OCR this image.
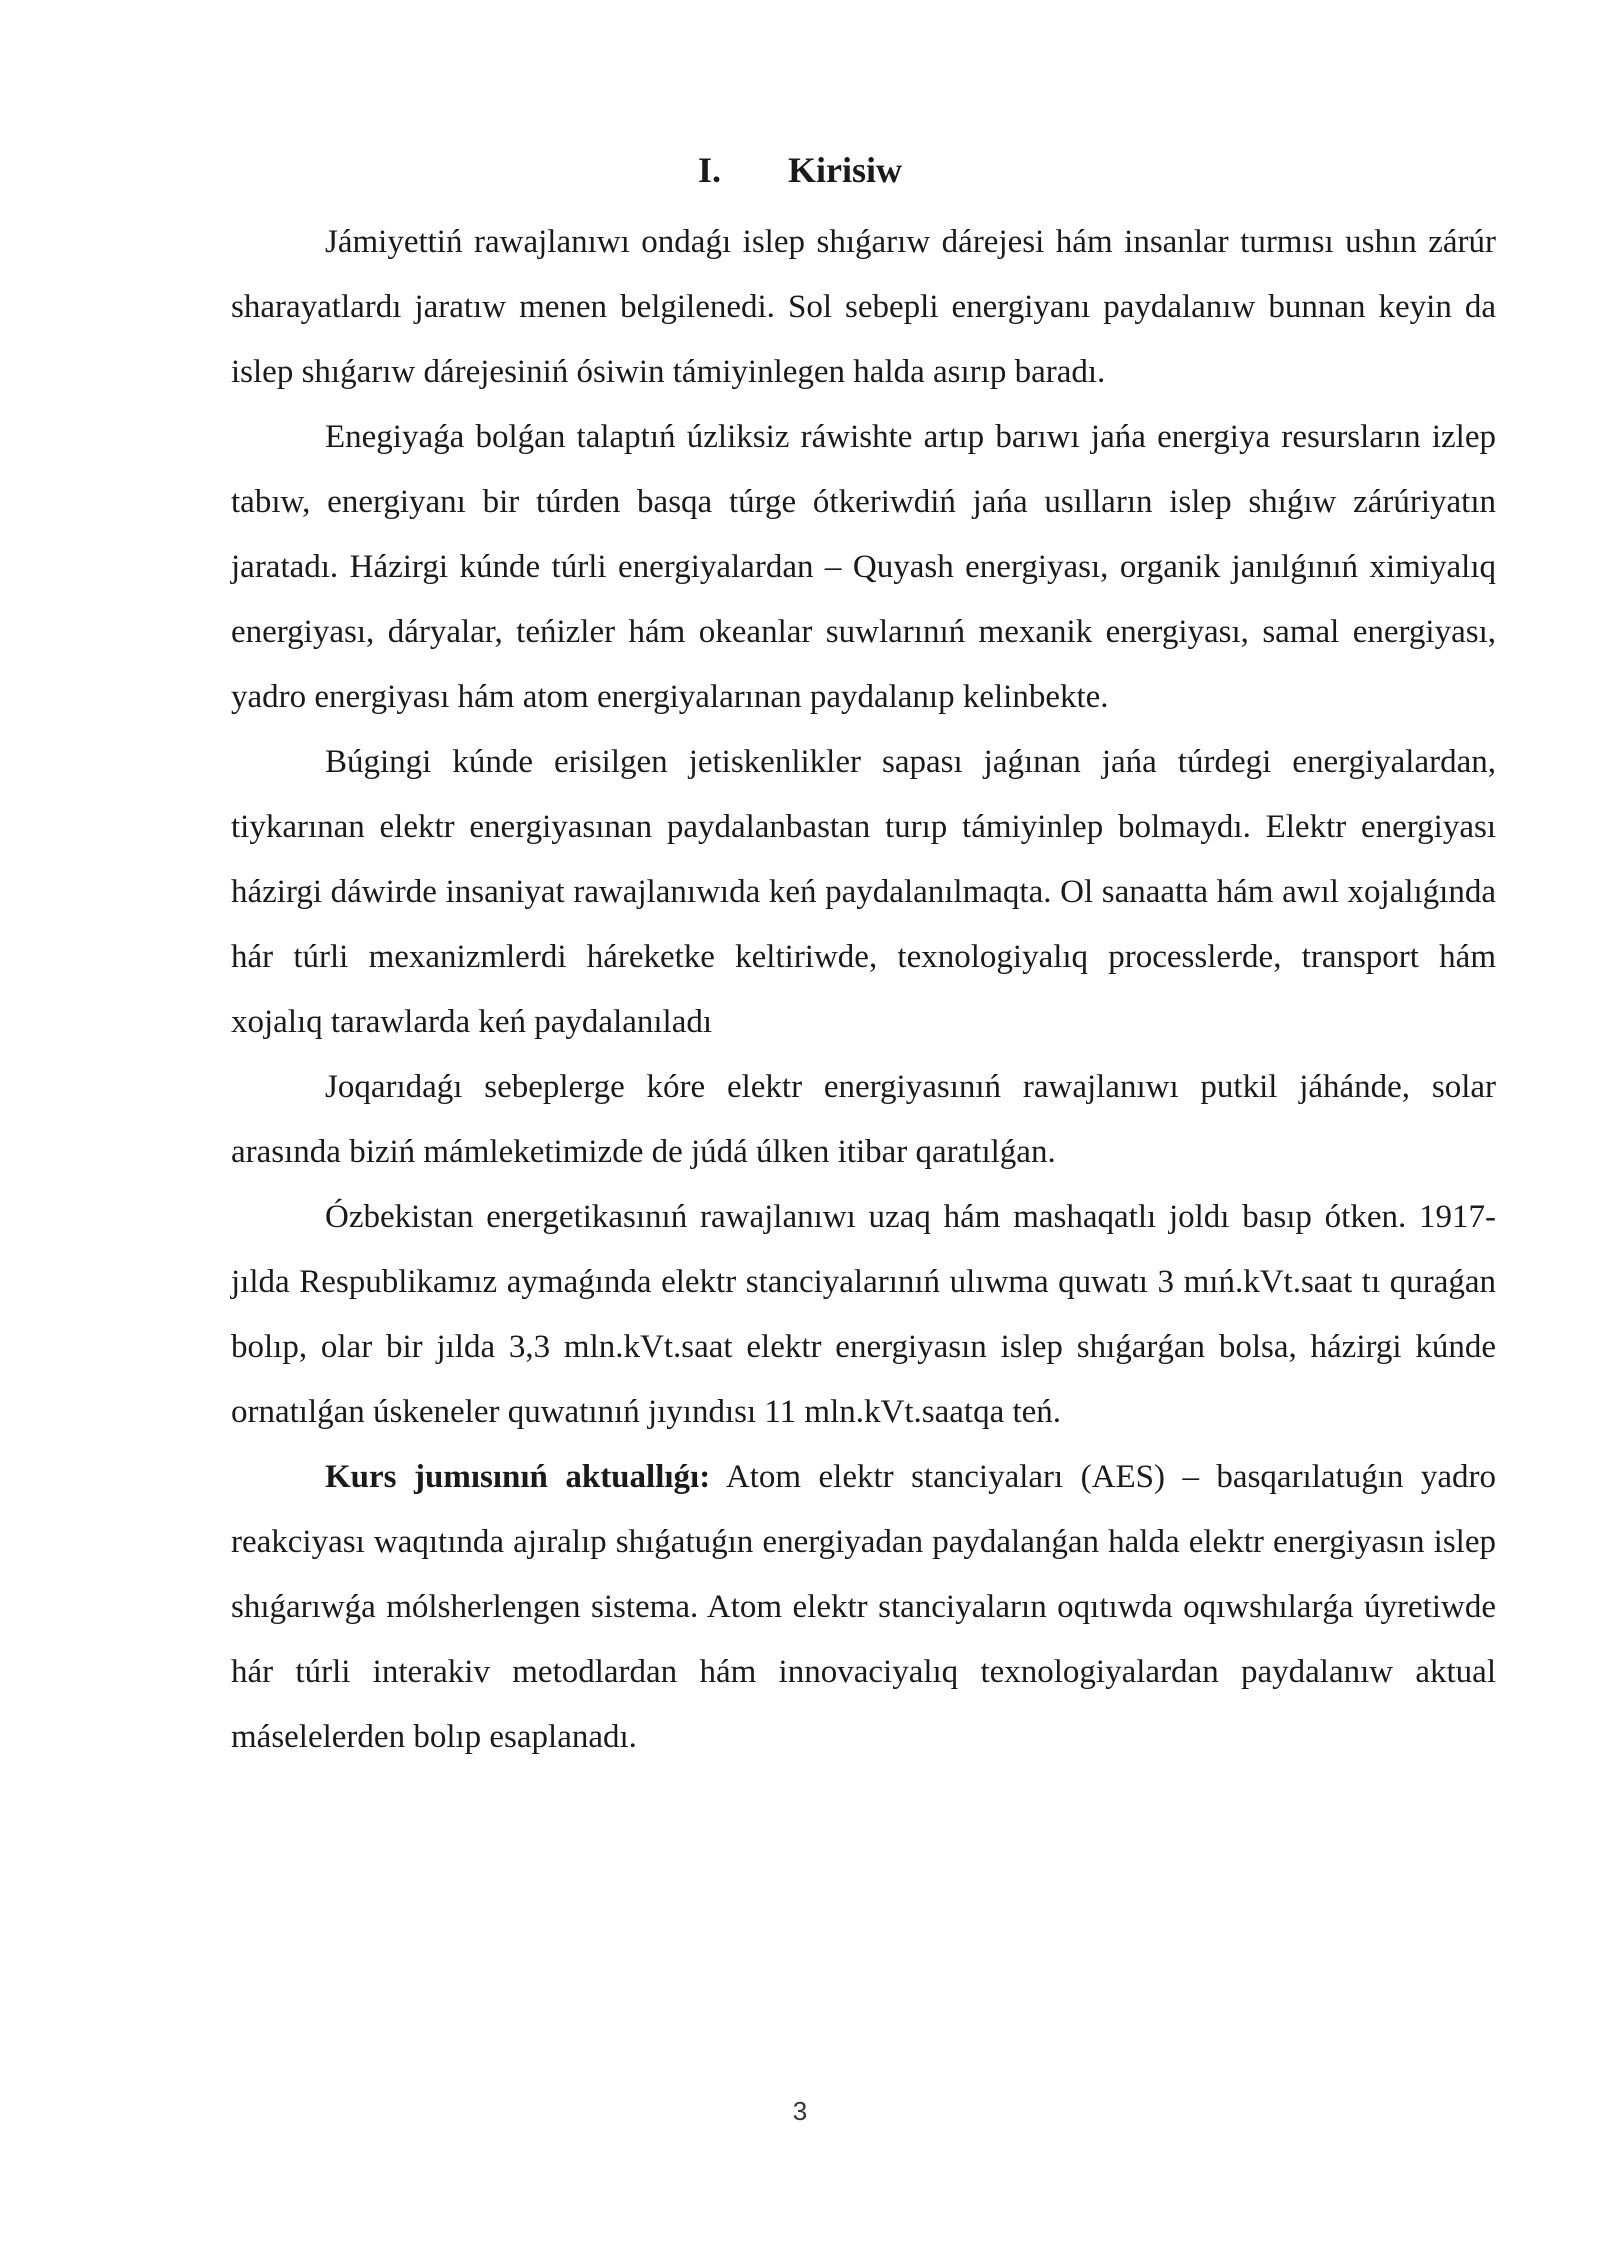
I. Kirisiw

Jámiyettiń rawajlanıwı ondaǵı islep shıǵarıw dárejesi hám insanlar turmısı ushın zárúr sharayatlardı jaratıw menen belgilenedi. Sol sebepli energiyanı paydalanıw bunnan keyin da islep shıǵarıw dárejesiniń ósiwin támiyinlegen halda asırıp baradı.

Enegiyaǵa bolǵan talaptıń úzliksiz ráwishte artıp barıwı jańa energiya resursların izlep tabıw, energiyanı bir túrden basqa túrge ótkeriwdiń jańa usılların islep shıǵıw zárúriyatın jaratadı. Házirgi kúnde túrli energiyalardan – Quyash energiyası, organik janılǵınıń ximiyalıq energiyası, dáryalar, teńizler hám okeanlar suwlarınıń mexanik energiyası, samal energiyası, yadro energiyası hám atom energiyalarınan paydalanıp kelinbekte.

Búgingi kúnde erisilgen jetiskenlikler sapası jaǵınan jańa túrdegi energiyalardan, tiykarınan elektr energiyasınan paydalanbastan turıp támiyinlep bolmaydı. Elektr energiyası házirgi dáwirde insaniyat rawajlanıwıda keń paydalanılmaqta. Ol sanaatta hám awıl xojalıǵında hár túrli mexanizmlerdi háreketke keltiriwde, texnologiyalıq processlerde, transport hám xojalıq tarawlarda keń paydalanıladı

Joqarıdaǵı sebeplerge kóre elektr energiyasınıń rawajlanıwı putkil jáhánde, solar arasında biziń mámleketimizde de júdá úlken itibar qaratılǵan.

Ózbekistan energetikasınıń rawajlanıwı uzaq hám mashaqatlı joldı basıp ótken. 1917-jılda Respublikamız aymaǵında elektr stanciyalarınıń ulıwma quwatı 3 mıń.kVt.saat tı quraǵan bolıp, olar bir jılda 3,3 mln.kVt.saat elektr energiyasın islep shıǵarǵan bolsa, házirgi kúnde ornatılǵan úskeneler quwatınıń jıyındısı 11 mln.kVt.saatqa teń.

Kurs jumısınıń aktuallıǵı: Atom elektr stanciyaları (AES) – basqarılatuǵın yadro reakciyası waqıtında ajıralıp shıǵatuǵın energiyadan paydalanǵan halda elektr energiyasın islep shıǵarıwǵa mólsherlengen sistema. Atom elektr stanciyaların oqıtıwda oqıwshılarǵa úyretiwde hár túrli interakiv metodlardan hám innovaciyalıq texnologiyalardan paydalanıw aktual máselelerden bolıp esaplanadı.

3
